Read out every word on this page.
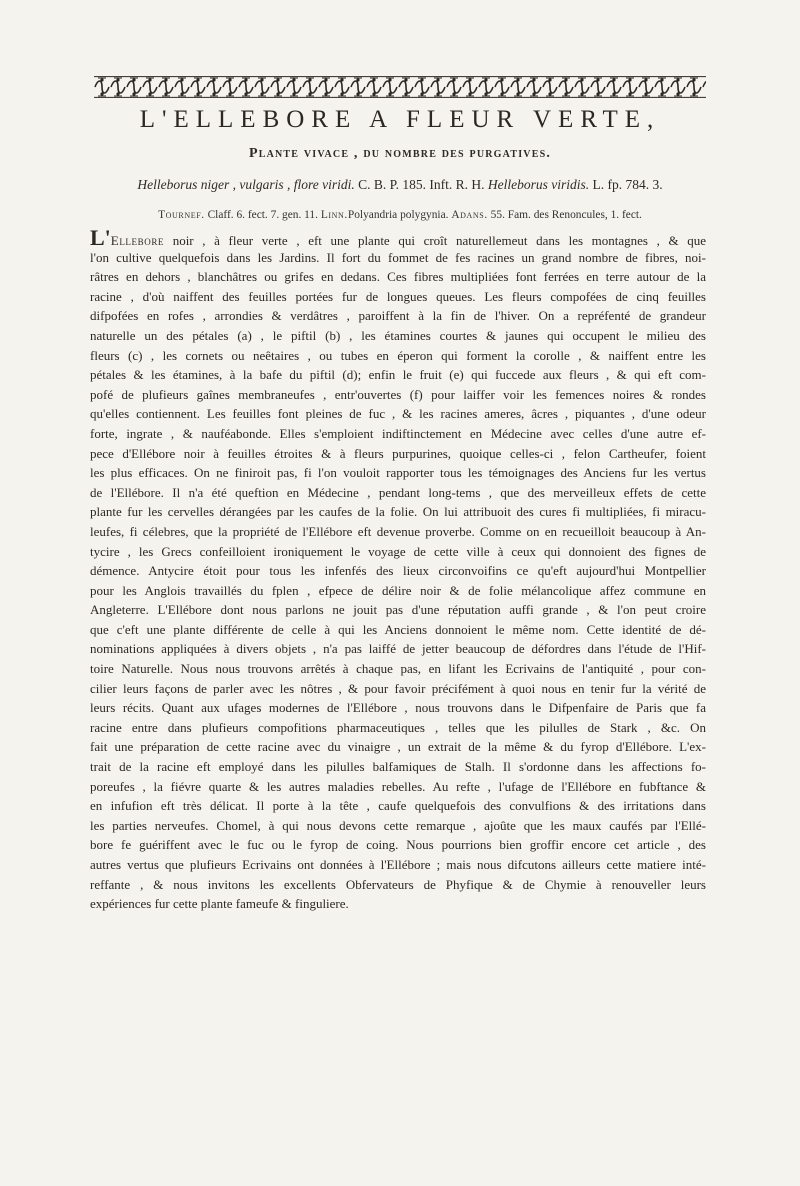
L'ELLEBORE A FLEUR VERTE,
Plante vivace , du nombre des purgatives.
Helleborus niger , vulgaris , flore viridi. C. B. P. 185. Inft. R. H. Helleborus viridis. L. fp. 784. 3.
Tournef. Claff. 6. fect. 7. gen. 11. Linn.Polyandria polygynia. Adans. 55. Fam. des Renoncules, 1. fect.
L'Ellebore noir , à fleur verte , eft une plante qui croît naturellemeut dans les montagnes , & que
l'on cultive quelquefois dans les Jardins. Il fort du fommet de fes racines un grand nombre de fibres, noi-
râtres en dehors , blanchâtres ou grifes en dedans. Ces fibres multipliées font ferrées en terre autour de la
racine , d'où naiffent des feuilles portées fur de longues queues. Les fleurs compofées de cinq feuilles
difpofées en rofes , arrondies & verdâtres , paroiffent à la fin de l'hiver. On a repréfenté de grandeur
naturelle un des pétales (a) , le piftil (b) , les étamines courtes & jaunes qui occupent le milieu des
fleurs (c) , les cornets ou neêtaires , ou tubes en éperon qui forment la corolle , & naiffent entre les
pétales & les étamines, à la bafe du piftil (d); enfin le fruit (e) qui fuccede aux fleurs , & qui eft com-
pofé de plufieurs gaînes membraneufes , entr'ouvertes (f) pour laiffer voir les femences noires & rondes
qu'elles contiennent. Les feuilles font pleines de fuc , & les racines ameres, âcres , piquantes , d'une odeur
forte, ingrate , & nauféabonde. Elles s'emploient indiftinctement en Médecine avec celles d'une autre ef-
pece d'Ellébore noir à feuilles étroites & à fleurs purpurines, quoique celles-ci , felon Cartheufer, foient
les plus efficaces. On ne finiroit pas, fi l'on vouloit rapporter tous les témoignages des Anciens fur les vertus
de l'Ellébore. Il n'a été queftion en Médecine , pendant long-tems , que des merveilleux effets de cette
plante fur les cervelles dérangées par les caufes de la folie. On lui attribuoit des cures fi multipliées, fi miracu-
leufes, fi célebres, que la propriété de l'Ellébore eft devenue proverbe. Comme on en recueilloit beaucoup à An-
tycire , les Grecs confeilloient ironiquement le voyage de cette ville à ceux qui donnoient des fignes de
démence. Antycire étoit pour tous les infenfés des lieux circonvoifins ce qu'eft aujourd'hui Montpellier
pour les Anglois travaillés du fplen , efpece de délire noir & de folie mélancolique affez commune en
Angleterre. L'Ellébore dont nous parlons ne jouit pas d'une réputation auffi grande , & l'on peut croire
que c'eft une plante différente de celle à qui les Anciens donnoient le même nom. Cette identité de dé-
nominations appliquées à divers objets , n'a pas laiffé de jetter beaucoup de défordres dans l'étude de l'Hif-
toire Naturelle. Nous nous trouvons arrêtés à chaque pas, en lifant les Ecrivains de l'antiquité , pour con-
cilier leurs façons de parler avec les nôtres , & pour favoir précifément à quoi nous en tenir fur la vérité de
leurs récits. Quant aux ufages modernes de l'Ellébore , nous trouvons dans le Difpenfaire de Paris que fa
racine entre dans plufieurs compofitions pharmaceutiques , telles que les pilulles de Stark , &c. On
fait une préparation de cette racine avec du vinaigre , un extrait de la même & du fyrop d'Ellébore. L'ex-
trait de la racine eft employé dans les pilulles balfamiques de Stalh. Il s'ordonne dans les affections fo-
poreufes , la fiévre quarte & les autres maladies rebelles. Au refte , l'ufage de l'Ellébore en fubftance &
en infufion eft très délicat. Il porte à la tête , caufe quelquefois des convulfions & des irritations dans
les parties nerveufes. Chomel, à qui nous devons cette remarque , ajoûte que les maux caufés par l'Ellé-
bore fe guériffent avec le fuc ou le fyrop de coing. Nous pourrions bien groffir encore cet article , des
autres vertus que plufieurs Ecrivains ont données à l'Ellébore ; mais nous difcutons ailleurs cette matiere inté-
reffante , & nous invitons les excellents Obfervateurs de Phyfique & de Chymie à renouveller leurs
expériences fur cette plante fameufe & finguliere.
